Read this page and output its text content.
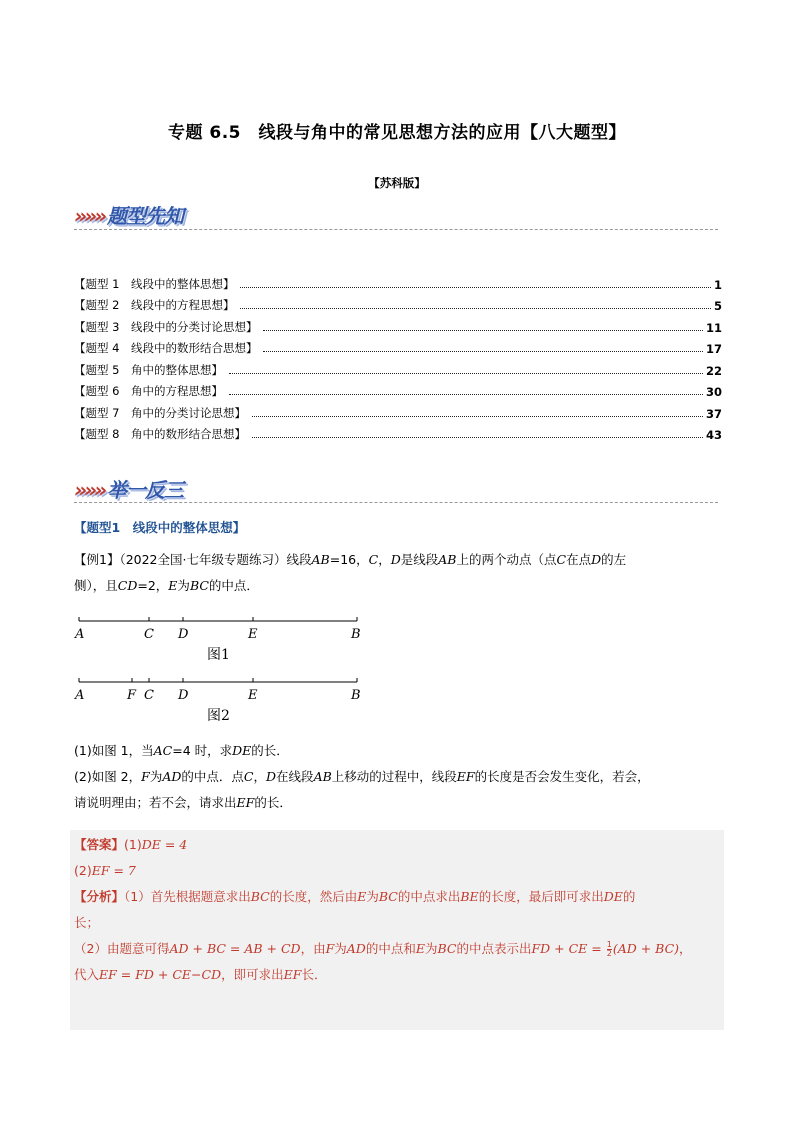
专题 6.5　线段与角中的常见思想方法的应用【八大题型】
【苏科版】
»»» 题型先知
【题型 1　线段中的整体思想】	1
【题型 2　线段中的方程思想】	5
【题型 3　线段中的分类讨论思想】	11
【题型 4　线段中的数形结合思想】	17
【题型 5　角中的整体思想】	22
【题型 6　角中的方程思想】	30
【题型 7　角中的分类讨论思想】	37
【题型 8　角中的数形结合思想】	43
»»» 举一反三
【题型1　线段中的整体思想】
【例1】（2022全国·七年级专题练习）线段AB=16，C，D是线段AB上的两个动点（点C在点D的左
侧），且CD=2，E为BC的中点．
A	C D	E	B
图1
A	F C D	E	B
图2
(1)如图 1，当AC=4 时，求DE的长．
(2)如图 2，F为AD的中点．点C，D在线段AB上移动的过程中，线段EF的长度是否会发生变化，若会，
请说明理由；若不会，请求出EF的长．
【答案】(1)DE = 4
(2)EF = 7
【分析】（1）首先根据题意求出BC的长度，然后由E为BC的中点求出BE的长度，最后即可求出DE的
长；
（2）由题意可得AD + BC = AB + CD，由F为AD的中点和E为BC的中点表示出FD + CE = $\frac{1}{2} (AD + BC)$，
代入EF = FD + CE−CD，即可求出EF长．
